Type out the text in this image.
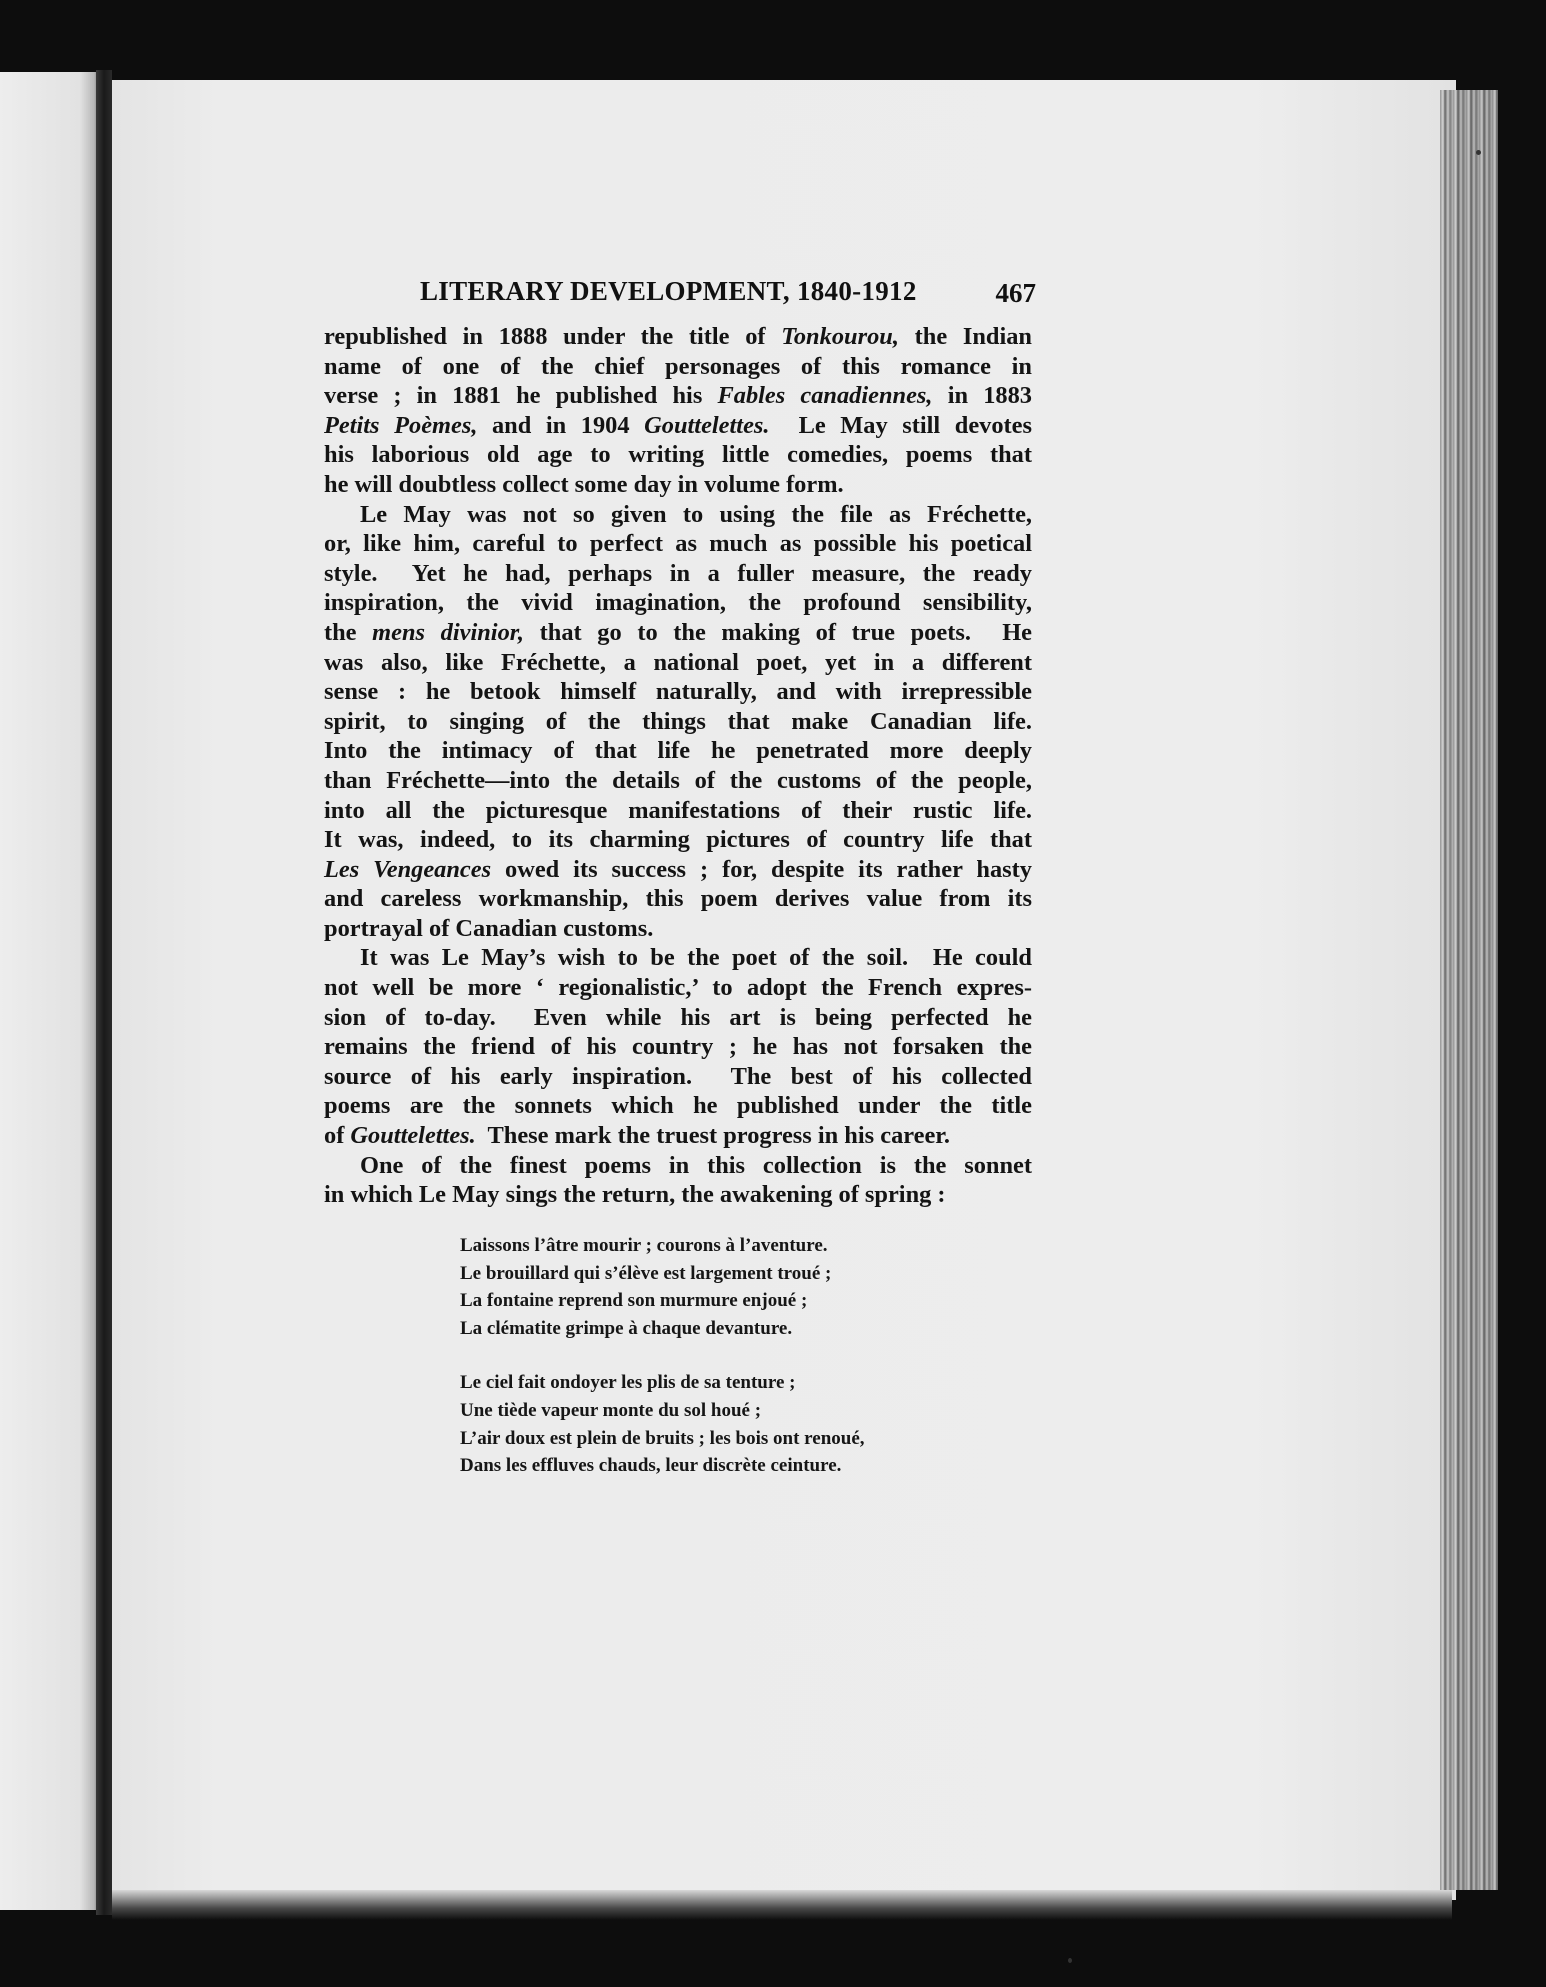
LITERARY DEVELOPMENT, 1840-1912	467
republished in 1888 under the title of Tonkourou, the Indian
name of one of the chief personages of this romance in
verse ; in 1881 he published his Fables canadiennes, in 1883
Petits Poèmes, and in 1904 Gouttelettes.  Le May still devotes
his laborious old age to writing little comedies, poems that
he will doubtless collect some day in volume form.
Le May was not so given to using the file as Fréchette,
or, like him, careful to perfect as much as possible his poetical
style.  Yet he had, perhaps in a fuller measure, the ready
inspiration, the vivid imagination, the profound sensibility,
the mens divinior, that go to the making of true poets.  He
was also, like Fréchette, a national poet, yet in a different
sense : he betook himself naturally, and with irrepressible
spirit, to singing of the things that make Canadian life.
Into the intimacy of that life he penetrated more deeply
than Fréchette—into the details of the customs of the people,
into all the picturesque manifestations of their rustic life.
It was, indeed, to its charming pictures of country life that
Les Vengeances owed its success ; for, despite its rather hasty
and careless workmanship, this poem derives value from its
portrayal of Canadian customs.
It was Le May’s wish to be the poet of the soil.  He could
not well be more ‘ regionalistic,’ to adopt the French expres-
sion of to-day.  Even while his art is being perfected he
remains the friend of his country ; he has not forsaken the
source of his early inspiration.  The best of his collected
poems are the sonnets which he published under the title
of Gouttelettes.  These mark the truest progress in his career.
One of the finest poems in this collection is the sonnet
in which Le May sings the return, the awakening of spring :
Laissons l’âtre mourir ; courons à l’aventure.
Le brouillard qui s’élève est largement troué ;
La fontaine reprend son murmure enjoué ;
La clématite grimpe à chaque devanture.
Le ciel fait ondoyer les plis de sa tenture ;
Une tiède vapeur monte du sol houé ;
L’air doux est plein de bruits ; les bois ont renoué,
Dans les effluves chauds, leur discrète ceinture.
